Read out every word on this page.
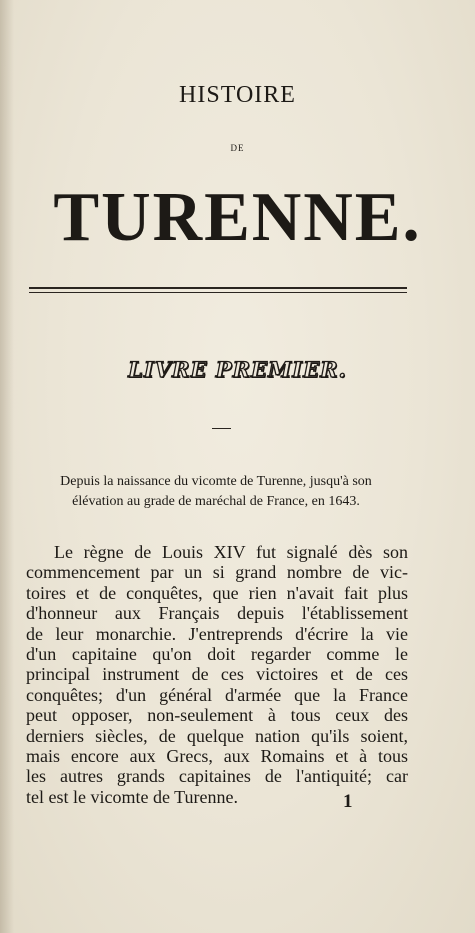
HISTOIRE
DE
TURENNE.
LIVRE PREMIER.

Depuis la naissance du vicomte de Turenne, jusqu'à son
élévation au grade de maréchal de France, en 1643.

Le règne de Louis XIV fut signalé dès son
commencement par un si grand nombre de vic-
toires et de conquêtes, que rien n'avait fait plus
d'honneur aux Français depuis l'établissement
de leur monarchie. J'entreprends d'écrire la vie
d'un capitaine qu'on doit regarder comme le
principal instrument de ces victoires et de ces
conquêtes; d'un général d'armée que la France
peut opposer, non-seulement à tous ceux des
derniers siècles, de quelque nation qu'ils soient,
mais encore aux Grecs, aux Romains et à tous
les autres grands capitaines de l'antiquité; car
tel est le vicomte de Turenne.	1
